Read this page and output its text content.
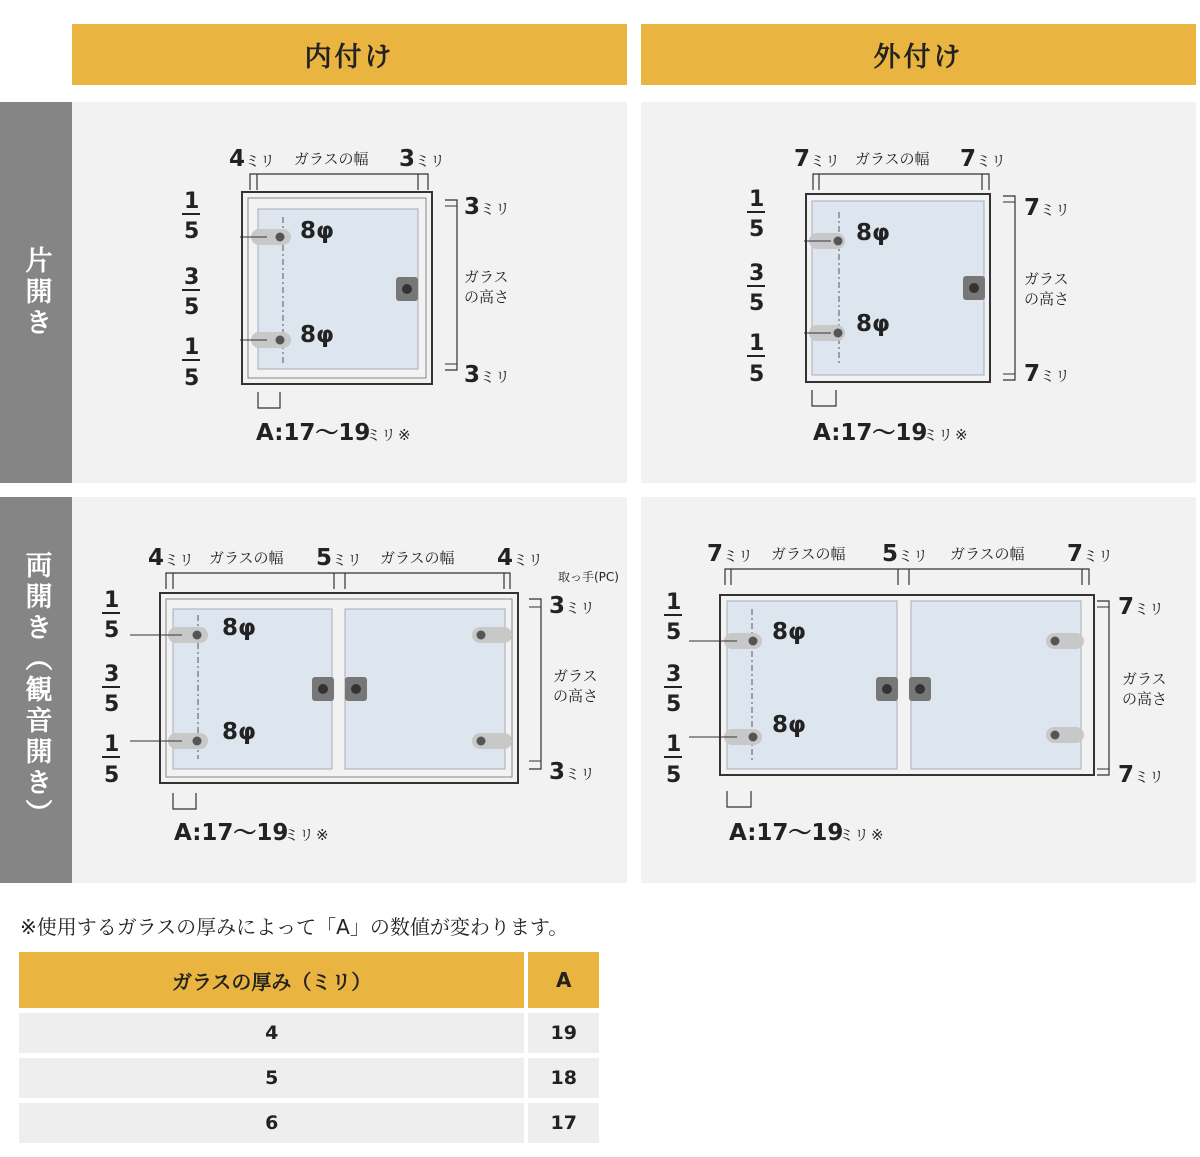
内付け	外付け
片開き
両開き（観音開き）
4 ミリ ガラスの幅 3 ミリ
8φ
8φ
1
5
3
5
1
5
3 ミリ
ガラス
の高さ
3 ミリ
A:17～19
ミリ ※
7 ミリ ガラスの幅 7 ミリ
8φ
8φ
1
5
3
5
1
5
7 ミリ
ガラス
の高さ
7 ミリ
A:17～19
ミリ ※
4 ミリ ガラスの幅 5 ミリ ガラスの幅 4 ミリ
取っ手(PC)
8φ
8φ
1
5
3
5
1
5
3 ミリ
ガラス
の高さ
3 ミリ
A:17～19
ミリ ※
7 ミリ ガラスの幅 5 ミリ ガラスの幅 7 ミリ
8φ
8φ
1
5
3
5
1
5
7 ミリ
ガラス
の高さ
7 ミリ
A:17～19
ミリ ※
※使用するガラスの厚みによって「A」の数値が変わります。
ガラスの厚み（ミリ）	A
4	19
5	18
6	17
